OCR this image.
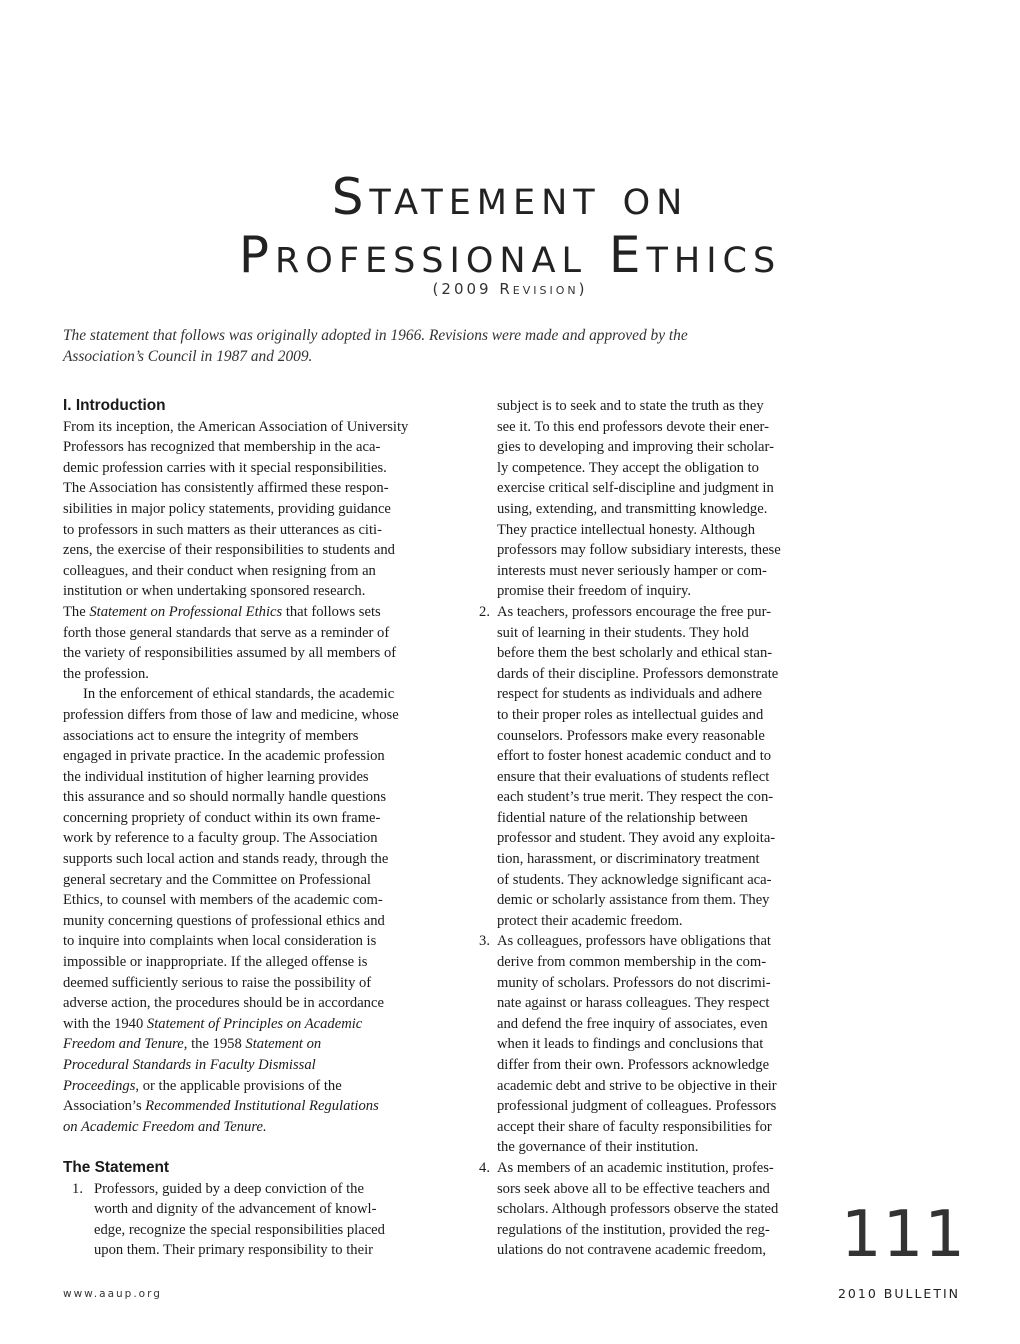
Statement on
Professional Ethics
(2009 Revision)

The statement that follows was originally adopted in 1966. Revisions were made and approved by the
Association’s Council in 1987 and 2009.

I. Introduction
From its inception, the American Association of University
Professors has recognized that membership in the aca-
demic profession carries with it special responsibilities.
The Association has consistently affirmed these respon-
sibilities in major policy statements, providing guidance
to professors in such matters as their utterances as citi-
zens, the exercise of their responsibilities to students and
colleagues, and their conduct when resigning from an
institution or when undertaking sponsored research.
The Statement on Professional Ethics that follows sets
forth those general standards that serve as a reminder of
the variety of responsibilities assumed by all members of
the profession.
In the enforcement of ethical standards, the academic
profession differs from those of law and medicine, whose
associations act to ensure the integrity of members
engaged in private practice. In the academic profession
the individual institution of higher learning provides
this assurance and so should normally handle questions
concerning propriety of conduct within its own frame-
work by reference to a faculty group. The Association
supports such local action and stands ready, through the
general secretary and the Committee on Professional
Ethics, to counsel with members of the academic com-
munity concerning questions of professional ethics and
to inquire into complaints when local consideration is
impossible or inappropriate. If the alleged offense is
deemed sufficiently serious to raise the possibility of
adverse action, the procedures should be in accordance
with the 1940 Statement of Principles on Academic
Freedom and Tenure, the 1958 Statement on
Procedural Standards in Faculty Dismissal
Proceedings, or the applicable provisions of the
Association’s Recommended Institutional Regulations
on Academic Freedom and Tenure.
The Statement
1. Professors, guided by a deep conviction of the
worth and dignity of the advancement of knowl-
edge, recognize the special responsibilities placed
upon them. Their primary responsibility to their
subject is to seek and to state the truth as they
see it. To this end professors devote their ener-
gies to developing and improving their scholar-
ly competence. They accept the obligation to
exercise critical self-discipline and judgment in
using, extending, and transmitting knowledge.
They practice intellectual honesty. Although
professors may follow subsidiary interests, these
interests must never seriously hamper or com-
promise their freedom of inquiry.
2. As teachers, professors encourage the free pur-
suit of learning in their students. They hold
before them the best scholarly and ethical stan-
dards of their discipline. Professors demonstrate
respect for students as individuals and adhere
to their proper roles as intellectual guides and
counselors. Professors make every reasonable
effort to foster honest academic conduct and to
ensure that their evaluations of students reflect
each student’s true merit. They respect the con-
fidential nature of the relationship between
professor and student. They avoid any exploita-
tion, harassment, or discriminatory treatment
of students. They acknowledge significant aca-
demic or scholarly assistance from them. They
protect their academic freedom.
3. As colleagues, professors have obligations that
derive from common membership in the com-
munity of scholars. Professors do not discrimi-
nate against or harass colleagues. They respect
and defend the free inquiry of associates, even
when it leads to findings and conclusions that
differ from their own. Professors acknowledge
academic debt and strive to be objective in their
professional judgment of colleagues. Professors
accept their share of faculty responsibilities for
the governance of their institution.
4. As members of an academic institution, profes-
sors seek above all to be effective teachers and
scholars. Although professors observe the stated
regulations of the institution, provided the reg-
ulations do not contravene academic freedom,	111
www.aaup.org	2010 BULLETIN
